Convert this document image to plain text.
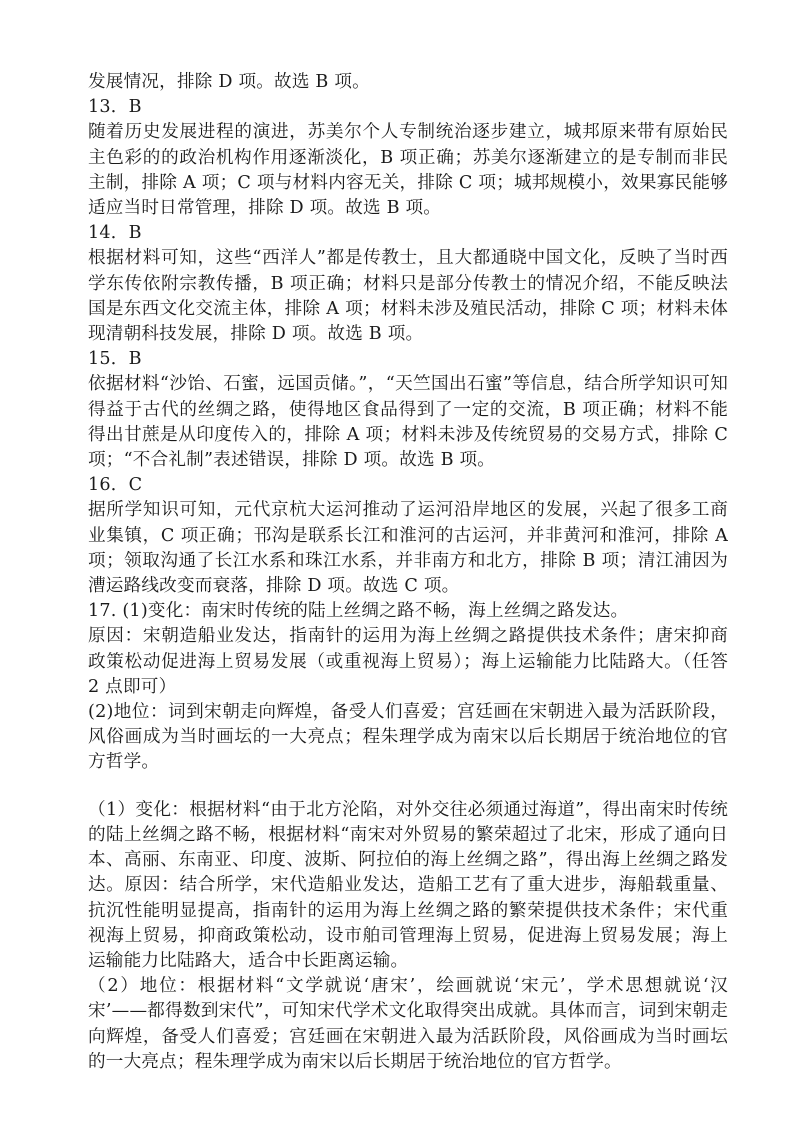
发展情况，排除 D 项。故选 B 项。

13．B

随着历史发展进程的演进，苏美尔个人专制统治逐步建立，城邦原来带有原始民主色彩的的政治机构作用逐渐淡化，B 项正确；苏美尔逐渐建立的是专制而非民主制，排除 A 项；C 项与材料内容无关，排除 C 项；城邦规模小，效果寡民能够适应当时日常管理，排除 D 项。故选 B 项。

14．B

根据材料可知，这些“西洋人”都是传教士，且大都通晓中国文化，反映了当时西学东传依附宗教传播，B 项正确；材料只是部分传教士的情况介绍，不能反映法国是东西文化交流主体，排除 A 项；材料未涉及殖民活动，排除 C 项；材料未体现清朝科技发展，排除 D 项。故选 B 项。

15．B

依据材料“沙饴、石蜜，远国贡储。”，“天竺国出石蜜”等信息，结合所学知识可知得益于古代的丝绸之路，使得地区食品得到了一定的交流，B 项正确；材料不能得出甘蔗是从印度传入的，排除 A 项；材料未涉及传统贸易的交易方式，排除 C 项；“不合礼制”表述错误，排除 D 项。故选 B 项。

16．C

据所学知识可知，元代京杭大运河推动了运河沿岸地区的发展，兴起了很多工商业集镇，C 项正确；邗沟是联系长江和淮河的古运河，并非黄河和淮河，排除 A 项；领取沟通了长江水系和珠江水系，并非南方和北方，排除 B 项；清江浦因为漕运路线改变而衰落，排除 D 项。故选 C 项。

17. (1)变化：南宋时传统的陆上丝绸之路不畅，海上丝绸之路发达。

原因：宋朝造船业发达，指南针的运用为海上丝绸之路提供技术条件；唐宋抑商政策松动促进海上贸易发展（或重视海上贸易）；海上运输能力比陆路大。（任答 2 点即可）

(2)地位：词到宋朝走向辉煌，备受人们喜爱；宫廷画在宋朝进入最为活跃阶段，风俗画成为当时画坛的一大亮点；程朱理学成为南宋以后长期居于统治地位的官方哲学。

（1）变化：根据材料“由于北方沦陷，对外交往必须通过海道”，得出南宋时传统的陆上丝绸之路不畅，根据材料“南宋对外贸易的繁荣超过了北宋，形成了通向日本、高丽、东南亚、印度、波斯、阿拉伯的海上丝绸之路”，得出海上丝绸之路发达。原因：结合所学，宋代造船业发达，造船工艺有了重大进步，海船载重量、抗沉性能明显提高，指南针的运用为海上丝绸之路的繁荣提供技术条件；宋代重视海上贸易，抑商政策松动，设市舶司管理海上贸易，促进海上贸易发展；海上运输能力比陆路大，适合中长距离运输。

（2）地位：根据材料“文学就说‘唐宋’，绘画就说‘宋元’，学术思想就说‘汉宋’——都得数到宋代”，可知宋代学术文化取得突出成就。具体而言，词到宋朝走向辉煌，备受人们喜爱；宫廷画在宋朝进入最为活跃阶段，风俗画成为当时画坛的一大亮点；程朱理学成为南宋以后长期居于统治地位的官方哲学。
